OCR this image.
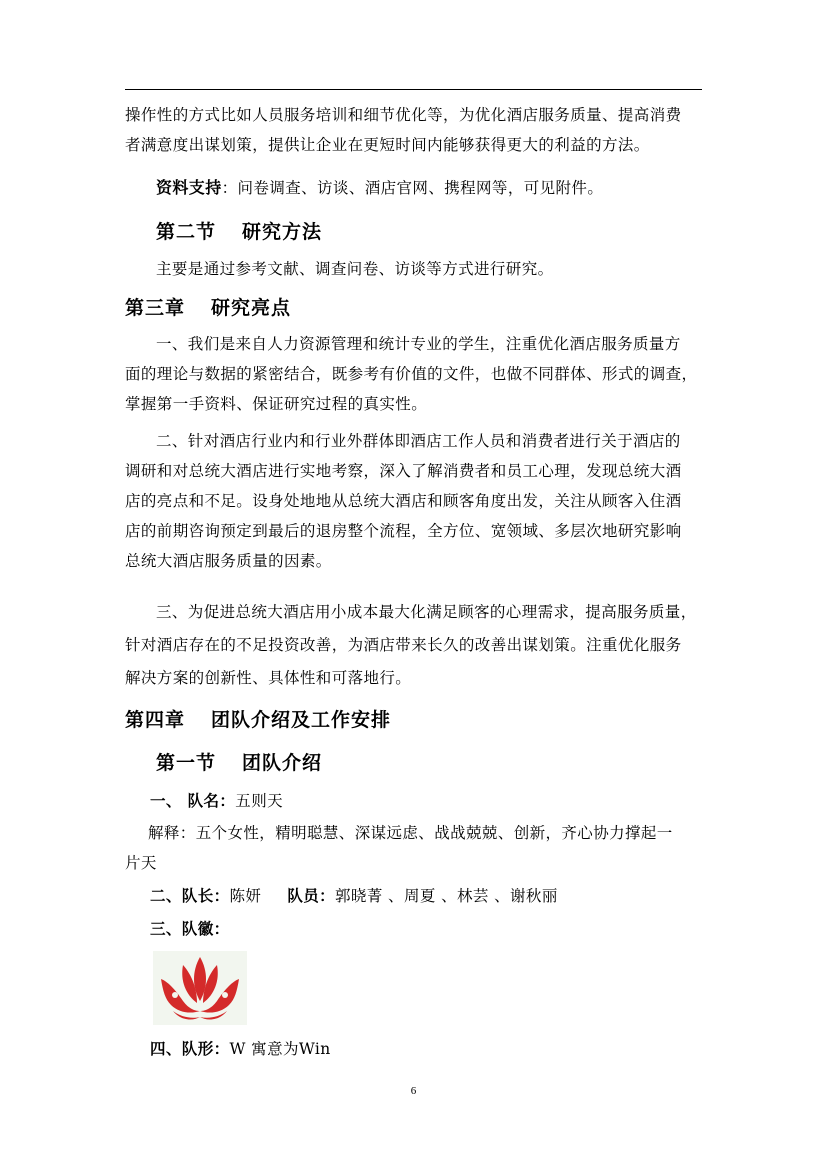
操作性的方式比如人员服务培训和细节优化等，为优化酒店服务质量、提高消费

者满意度出谋划策，提供让企业在更短时间内能够获得更大的利益的方法。

资料支持：问卷调查、访谈、酒店官网、携程网等，可见附件。

第二节 研究方法

主要是通过参考文献、调查问卷、访谈等方式进行研究。

第三章 研究亮点

一、我们是来自人力资源管理和统计专业的学生，注重优化酒店服务质量方

面的理论与数据的紧密结合，既参考有价值的文件，也做不同群体、形式的调查，

掌握第一手资料、保证研究过程的真实性。

二、针对酒店行业内和行业外群体即酒店工作人员和消费者进行关于酒店的

调研和对总统大酒店进行实地考察，深入了解消费者和员工心理，发现总统大酒

店的亮点和不足。设身处地地从总统大酒店和顾客角度出发，关注从顾客入住酒

店的前期咨询预定到最后的退房整个流程，全方位、宽领域、多层次地研究影响

总统大酒店服务质量的因素。

三、为促进总统大酒店用小成本最大化满足顾客的心理需求，提高服务质量，

针对酒店存在的不足投资改善，为酒店带来长久的改善出谋划策。注重优化服务

解决方案的创新性、具体性和可落地行。

第四章 团队介绍及工作安排
第一节 团队介绍

一、 队名：五则天

解释：五个女性，精明聪慧、深谋远虑、战战兢兢、创新，齐心协力撑起一

片天

二、队长：陈妍 队员：郭晓菁 、周夏 、林芸 、谢秋丽

三、队徽：

四、队形：W 寓意为Win

6
